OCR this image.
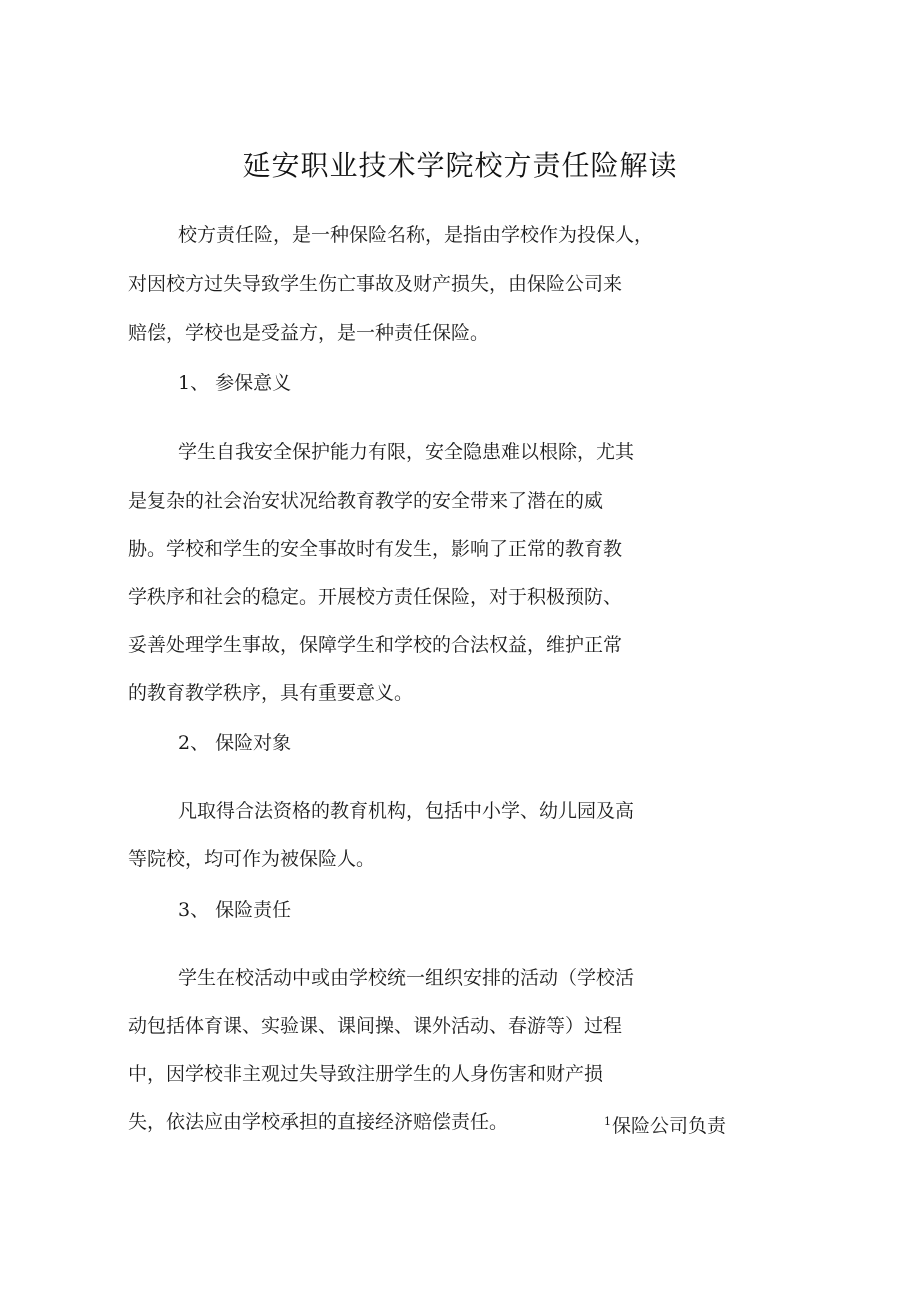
延安职业技术学院校方责任险解读

校方责任险，是一种保险名称，是指由学校作为投保人，

对因校方过失导致学生伤亡事故及财产损失，由保险公司来

赔偿，学校也是受益方，是一种责任保险。

1、 参保意义

学生自我安全保护能力有限，安全隐患难以根除，尤其

是复杂的社会治安状况给教育教学的安全带来了潜在的威

胁。学校和学生的安全事故时有发生，影响了正常的教育教

学秩序和社会的稳定。开展校方责任保险，对于积极预防、

妥善处理学生事故，保障学生和学校的合法权益，维护正常

的教育教学秩序，具有重要意义。

2、 保险对象

凡取得合法资格的教育机构，包括中小学、幼儿园及高

等院校，均可作为被保险人。

3、 保险责任

学生在校活动中或由学校统一组织安排的活动（学校活

动包括体育课、实验课、课间操、课外活动、春游等）过程

中，因学校非主观过失导致注册学生的人身伤害和财产损

失，依法应由学校承担的直接经济赔偿责任。	$^1$保险公司负责
